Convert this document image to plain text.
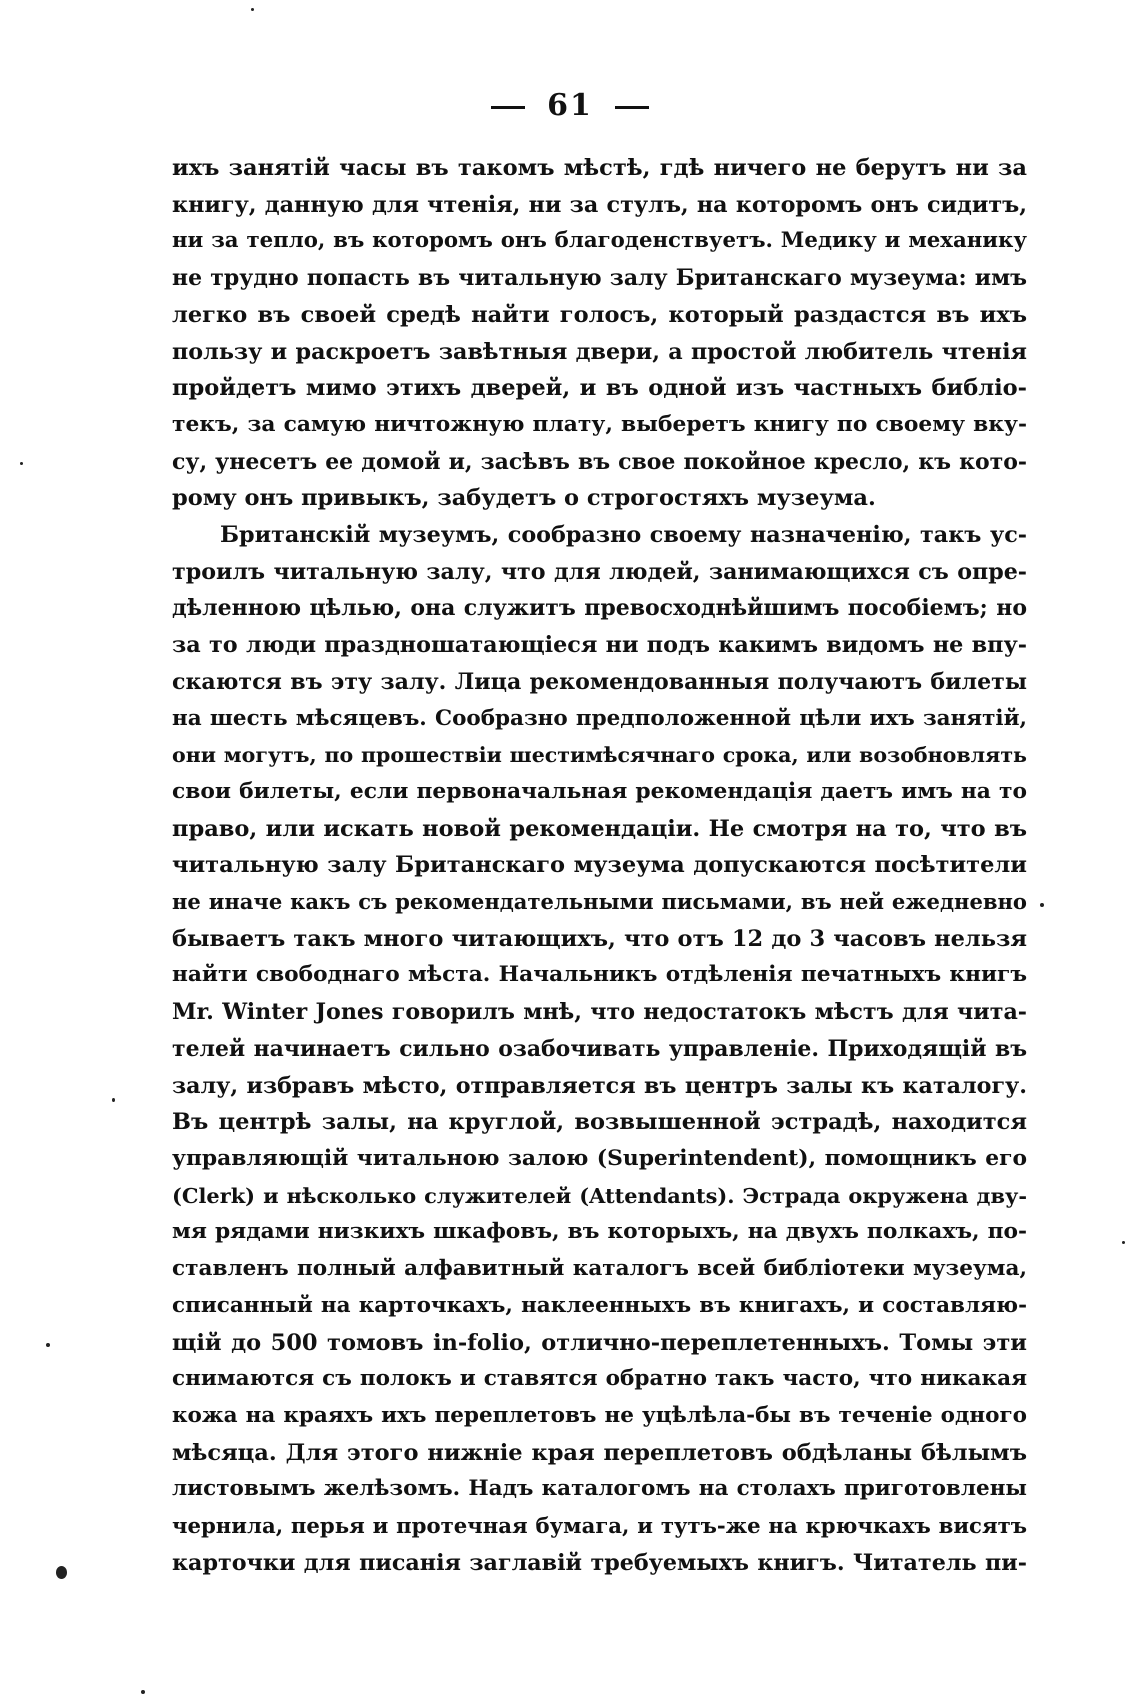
61
ихъ занятій часы въ такомъ мѣстѣ, гдѣ ничего не берутъ ни за
книгу, данную для чтенія, ни за стулъ, на которомъ онъ сидитъ,
ни за тепло, въ которомъ онъ благоденствуетъ. Медику и механику
не трудно попасть въ читальную залу Британскаго музеума: имъ
легко въ своей средѣ найти голосъ, который раздастся въ ихъ
пользу и раскроетъ завѣтныя двери, а простой любитель чтенія
пройдетъ мимо этихъ дверей, и въ одной изъ частныхъ библіо-
текъ, за самую ничтожную плату, выберетъ книгу по своему вку-
су, унесетъ ее домой и, засѣвъ въ свое покойное кресло, къ кото-
рому онъ привыкъ, забудетъ о строгостяхъ музеума.
Британскій музеумъ, сообразно своему назначенію, такъ ус-
троилъ читальную залу, что для людей, занимающихся съ опре-
дѣленною цѣлью, она служитъ превосходнѣйшимъ пособіемъ; но
за то люди праздношатающіеся ни подъ какимъ видомъ не впу-
скаются въ эту залу. Лица рекомендованныя получаютъ билеты
на шесть мѣсяцевъ. Сообразно предположенной цѣли ихъ занятій,
они могутъ, по прошествіи шестимѣсячнаго срока, или возобновлять
свои билеты, если первоначальная рекомендація даетъ имъ на то
право, или искать новой рекомендаціи. Не смотря на то, что въ
читальную залу Британскаго музеума допускаются посѣтители
не иначе какъ съ рекомендательными письмами, въ ней ежедневно
бываетъ такъ много читающихъ, что отъ 12 до 3 часовъ нельзя
найти свободнаго мѣста. Начальникъ отдѣленія печатныхъ книгъ
Mr. Winter Jones говорилъ мнѣ, что недостатокъ мѣстъ для чита-
телей начинаетъ сильно озабочивать управленіе. Приходящій въ
залу, избравъ мѣсто, отправляется въ центръ залы къ каталогу.
Въ центрѣ залы, на круглой, возвышенной эстрадѣ, находится
управляющій читальною залою (Superintendent), помощникъ его
(Clerk) и нѣсколько служителей (Attendants). Эстрада окружена дву-
мя рядами низкихъ шкафовъ, въ которыхъ, на двухъ полкахъ, по-
ставленъ полный алфавитный каталогъ всей библіотеки музеума,
списанный на карточкахъ, наклеенныхъ въ книгахъ, и составляю-
щій до 500 томовъ in-folio, отлично-переплетенныхъ. Томы эти
снимаются съ полокъ и ставятся обратно такъ часто, что никакая
кожа на краяхъ ихъ переплетовъ не уцѣлѣла-бы въ теченіе одного
мѣсяца. Для этого нижніе края переплетовъ обдѣланы бѣлымъ
листовымъ желѣзомъ. Надъ каталогомъ на столахъ приготовлены
чернила, перья и протечная бумага, и тутъ-же на крючкахъ висятъ
карточки для писанія заглавій требуемыхъ книгъ. Читатель пи-
